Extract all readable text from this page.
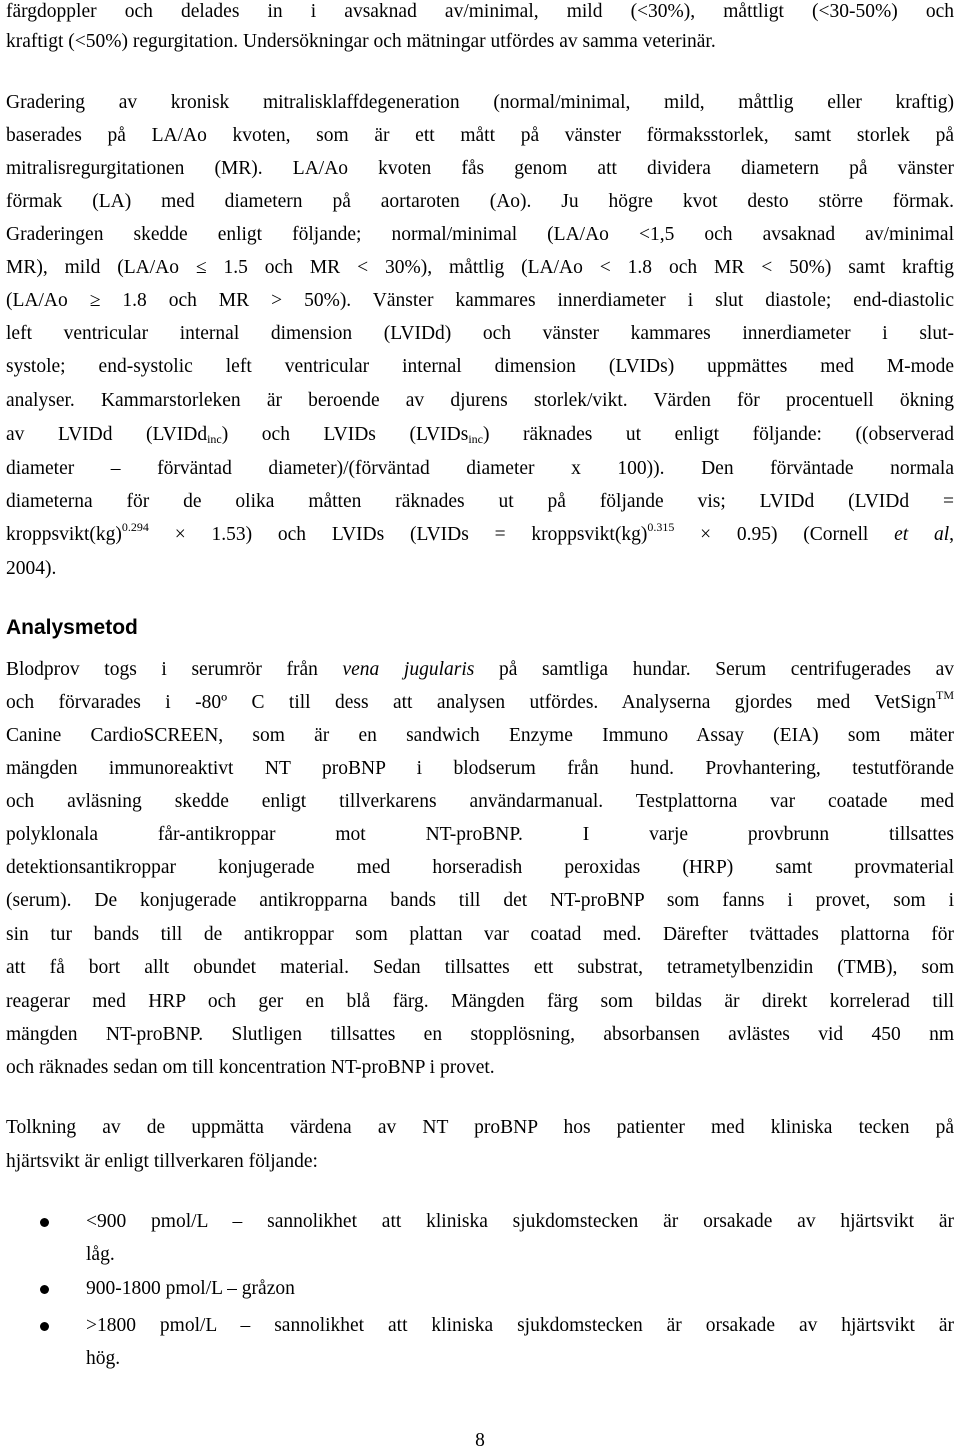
färgdoppler och delades in i avsaknad av/minimal, mild (<30%), måttligt (<30-50%) och
kraftigt (<50%) regurgitation. Undersökningar och mätningar utfördes av samma veterinär.
Gradering av kronisk mitralisklaffdegeneration (normal/minimal, mild, måttlig eller kraftig)
baserades på LA/Ao kvoten, som är ett mått på vänster förmaksstorlek, samt storlek på
mitralisregurgitationen (MR). LA/Ao kvoten fås genom att dividera diametern på vänster
förmak (LA) med diametern på aortaroten (Ao). Ju högre kvot desto större förmak.
Graderingen skedde enligt följande; normal/minimal (LA/Ao <1,5 och avsaknad av/minimal
MR), mild (LA/Ao ≤ 1.5 och MR < 30%), måttlig (LA/Ao < 1.8 och MR < 50%) samt kraftig
(LA/Ao ≥ 1.8 och MR > 50%). Vänster kammares innerdiameter i slut diastole; end-diastolic
left ventricular internal dimension (LVIDd) och vänster kammares innerdiameter i slut-
systole; end-systolic left ventricular internal dimension (LVIDs) uppmättes med M-mode
analyser. Kammarstorleken är beroende av djurens storlek/vikt. Värden för procentuell ökning
av LVIDd (LVIDd$_{inc}$) och LVIDs (LVIDs$_{inc}$) räknades ut enligt följande: ((observerad
diameter – förväntad diameter)/(förväntad diameter x 100)). Den förväntade normala
diameterna för de olika måtten räknades ut på följande vis; LVIDd (LVIDd =
kroppsvikt(kg)$^{0.294}$ × 1.53) och LVIDs (LVIDs = kroppsvikt(kg)$^{0.315}$ × 0.95) (Cornell et al,
2004).
Analysmetod
Blodprov togs i serumrör från vena jugularis på samtliga hundar. Serum centrifugerades av
och förvarades i -80º C till dess att analysen utfördes. Analyserna gjordes med VetSign™
Canine CardioSCREEN, som är en sandwich Enzyme Immuno Assay (EIA) som mäter
mängden immunoreaktivt NT proBNP i blodserum från hund. Provhantering, testutförande
och avläsning skedde enligt tillverkarens användarmanual. Testplattorna var coatade med
polyklonala får-antikroppar mot NT-proBNP. I varje provbrunn tillsattes
detektionsantikroppar konjugerade med horseradish peroxidas (HRP) samt provmaterial
(serum). De konjugerade antikropparna bands till det NT-proBNP som fanns i provet, som i
sin tur bands till de antikroppar som plattan var coatad med. Därefter tvättades plattorna för
att få bort allt obundet material. Sedan tillsattes ett substrat, tetrametylbenzidin (TMB), som
reagerar med HRP och ger en blå färg. Mängden färg som bildas är direkt korrelerad till
mängden NT-proBNP. Slutligen tillsattes en stopplösning, absorbansen avlästes vid 450 nm
och räknades sedan om till koncentration NT-proBNP i provet.
Tolkning av de uppmätta värdena av NT proBNP hos patienter med kliniska tecken på
hjärtsvikt är enligt tillverkaren följande:
<900 pmol/L – sannolikhet att kliniska sjukdomstecken är orsakade av hjärtsvikt är
låg.
900-1800 pmol/L – gråzon
>1800 pmol/L – sannolikhet att kliniska sjukdomstecken är orsakade av hjärtsvikt är
hög.
8
